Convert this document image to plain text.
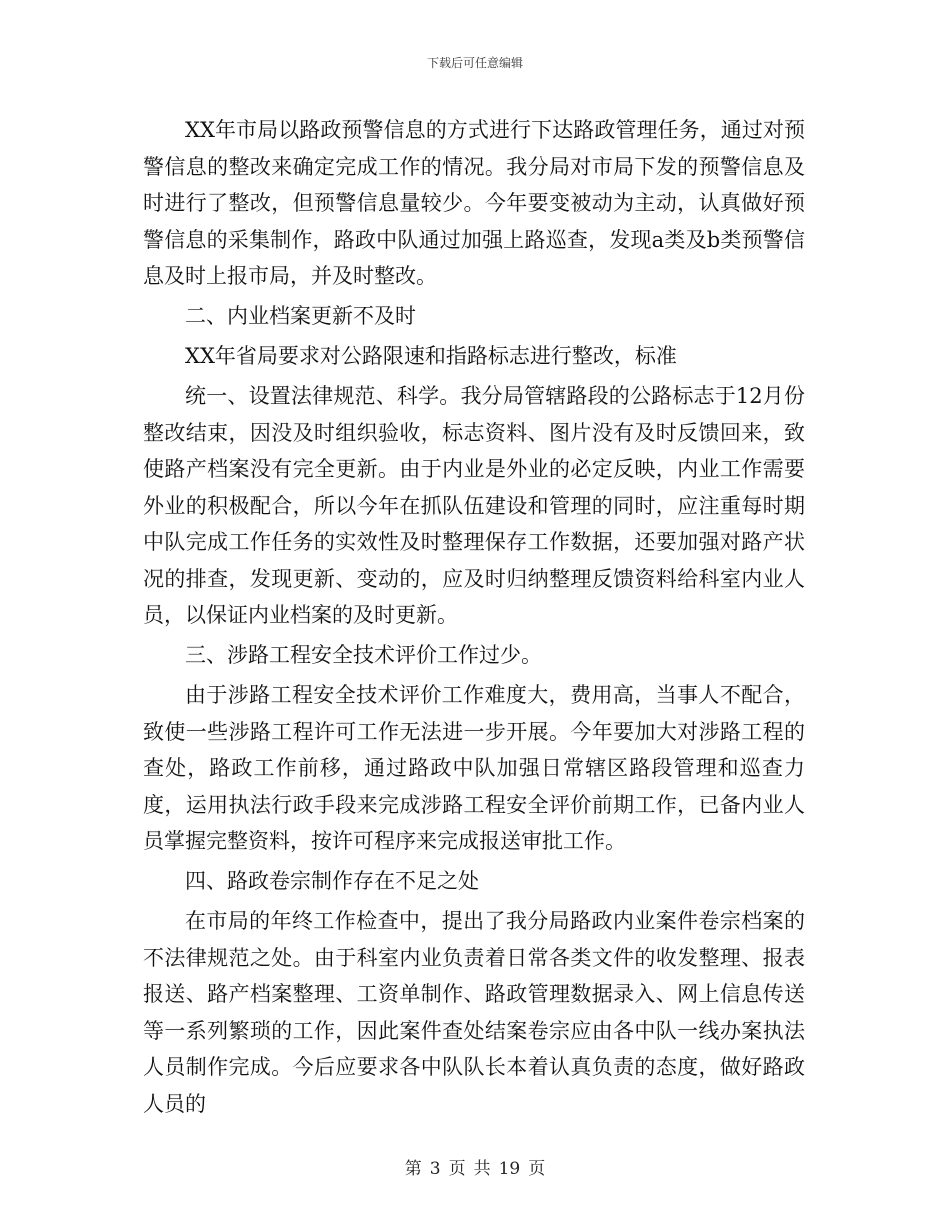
下载后可任意编辑

XX年市局以路政预警信息的方式进行下达路政管理任务，通过对预警信息的整改来确定完成工作的情况。我分局对市局下发的预警信息及时进行了整改，但预警信息量较少。今年要变被动为主动，认真做好预警信息的采集制作，路政中队通过加强上路巡查，发现a类及b类预警信息及时上报市局，并及时整改。

二、内业档案更新不及时

XX年省局要求对公路限速和指路标志进行整改，标准

统一、设置法律规范、科学。我分局管辖路段的公路标志于12月份整改结束，因没及时组织验收，标志资料、图片没有及时反馈回来，致使路产档案没有完全更新。由于内业是外业的必定反映，内业工作需要外业的积极配合，所以今年在抓队伍建设和管理的同时，应注重每时期中队完成工作任务的实效性及时整理保存工作数据，还要加强对路产状况的排查，发现更新、变动的，应及时归纳整理反馈资料给科室内业人员，以保证内业档案的及时更新。

三、涉路工程安全技术评价工作过少。

由于涉路工程安全技术评价工作难度大，费用高，当事人不配合，致使一些涉路工程许可工作无法进一步开展。今年要加大对涉路工程的查处，路政工作前移，通过路政中队加强日常辖区路段管理和巡查力度，运用执法行政手段来完成涉路工程安全评价前期工作，已备内业人员掌握完整资料，按许可程序来完成报送审批工作。

四、路政卷宗制作存在不足之处

在市局的年终工作检查中，提出了我分局路政内业案件卷宗档案的不法律规范之处。由于科室内业负责着日常各类文件的收发整理、报表报送、路产档案整理、工资单制作、路政管理数据录入、网上信息传送等一系列繁琐的工作，因此案件查处结案卷宗应由各中队一线办案执法人员制作完成。今后应要求各中队队长本着认真负责的态度，做好路政人员的

第 3 页 共 19 页
